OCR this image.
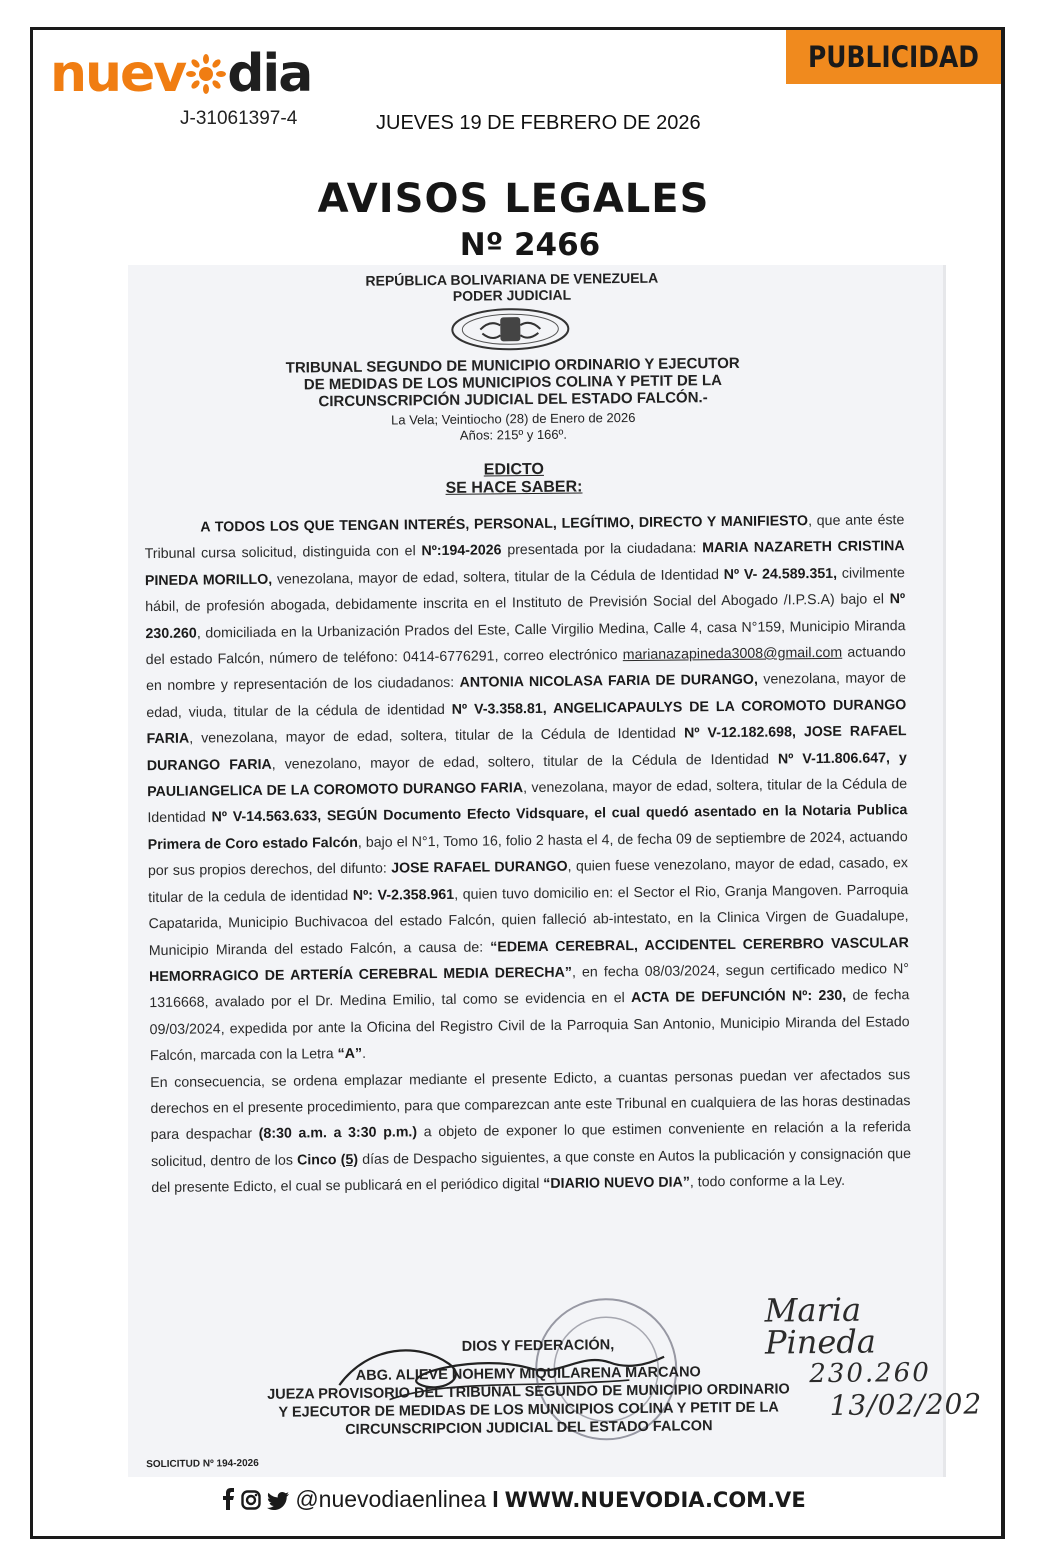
nuev dia
J-31061397-4	JUEVES 19 DE FEBRERO DE 2026
PUBLICIDAD
AVISOS LEGALES
Nº 2466
REPÚBLICA BOLIVARIANA DE VENEZUELA
PODER JUDICIAL
TRIBUNAL SEGUNDO DE MUNICIPIO ORDINARIO Y EJECUTOR
DE MEDIDAS DE LOS MUNICIPIOS COLINA Y PETIT DE LA
CIRCUNSCRIPCIÓN JUDICIAL DEL ESTADO FALCÓN.-
La Vela; Veintiocho (28) de Enero de 2026
Años: 215º y 166º.
EDICTO
SE HACE SABER:

A TODOS LOS QUE TENGAN INTERÉS, PERSONAL, LEGÍTIMO, DIRECTO Y MANIFIESTO, que ante éste Tribunal cursa solicitud, distinguida con el Nº:194-2026 presentada por la ciudadana: MARIA NAZARETH CRISTINA PINEDA MORILLO, venezolana, mayor de edad, soltera, titular de la Cédula de Identidad Nº V- 24.589.351, civilmente hábil, de profesión abogada, debidamente inscrita en el Instituto de Previsión Social del Abogado /I.P.S.A) bajo el Nº 230.260, domiciliada en la Urbanización Prados del Este, Calle Virgilio Medina, Calle 4, casa N°159, Municipio Miranda del estado Falcón, número de teléfono: 0414-6776291, correo electrónico marianazapineda3008@gmail.com actuando en nombre y representación de los ciudadanos: ANTONIA NICOLASA FARIA DE DURANGO, venezolana, mayor de edad, viuda, titular de la cédula de identidad Nº V-3.358.81, ANGELICAPAULYS DE LA COROMOTO DURANGO FARIA, venezolana, mayor de edad, soltera, titular de la Cédula de Identidad Nº V-12.182.698, JOSE RAFAEL DURANGO FARIA, venezolano, mayor de edad, soltero, titular de la Cédula de Identidad Nº V-11.806.647, y PAULIANGELICA DE LA COROMOTO DURANGO FARIA, venezolana, mayor de edad, soltera, titular de la Cédula de Identidad Nº V-14.563.633, SEGÚN Documento Efecto Vidsquare, el cual quedó asentado en la Notaria Publica Primera de Coro estado Falcón, bajo el N°1, Tomo 16, folio 2 hasta el 4, de fecha 09 de septiembre de 2024, actuando por sus propios derechos, del difunto: JOSE RAFAEL DURANGO, quien fuese venezolano, mayor de edad, casado, ex titular de la cedula de identidad Nº: V-2.358.961, quien tuvo domicilio en: el Sector el Rio, Granja Mangoven. Parroquia Capatarida, Municipio Buchivacoa del estado Falcón, quien falleció ab-intestato, en la Clinica Virgen de Guadalupe, Municipio Miranda del estado Falcón, a causa de: “EDEMA CEREBRAL, ACCIDENTEL CERERBRO VASCULAR HEMORRAGICO DE ARTERÍA CEREBRAL MEDIA DERECHA”, en fecha 08/03/2024, segun certificado medico N° 1316668, avalado por el Dr. Medina Emilio, tal como se evidencia en el ACTA DE DEFUNCIÓN Nº: 230, de fecha 09/03/2024, expedida por ante la Oficina del Registro Civil de la Parroquia San Antonio, Municipio Miranda del Estado Falcón, marcada con la Letra “A”.

En consecuencia, se ordena emplazar mediante el presente Edicto, a cuantas personas puedan ver afectados sus derechos en el presente procedimiento, para que comparezcan ante este Tribunal en cualquiera de las horas destinadas para despachar (8:30 a.m. a 3:30 p.m.) a objeto de exponer lo que estimen conveniente en relación a la referida solicitud, dentro de los Cinco (5) días de Despacho siguientes, a que conste en Autos la publicación y consignación que del presente Edicto, el cual se publicará en el periódico digital “DIARIO NUEVO DIA”, todo conforme a la Ley.

DIOS Y FEDERACIÓN,
ABG. ALIEVE NOHEMY MIQUILARENA MARCANO
JUEZA PROVISORIO DEL TRIBUNAL SEGUNDO DE MUNICIPIO ORDINARIO
Y EJECUTOR DE MEDIDAS DE LOS MUNICIPIOS COLINA Y PETIT DE LA
CIRCUNSCRIPCION JUDICIAL DEL ESTADO FALCON
Maria Pineda
230.260
13/02/202
SOLICITUD Nº 194-2026
@nuevodiaenlinea I WWW.NUEVODIA.COM.VE
